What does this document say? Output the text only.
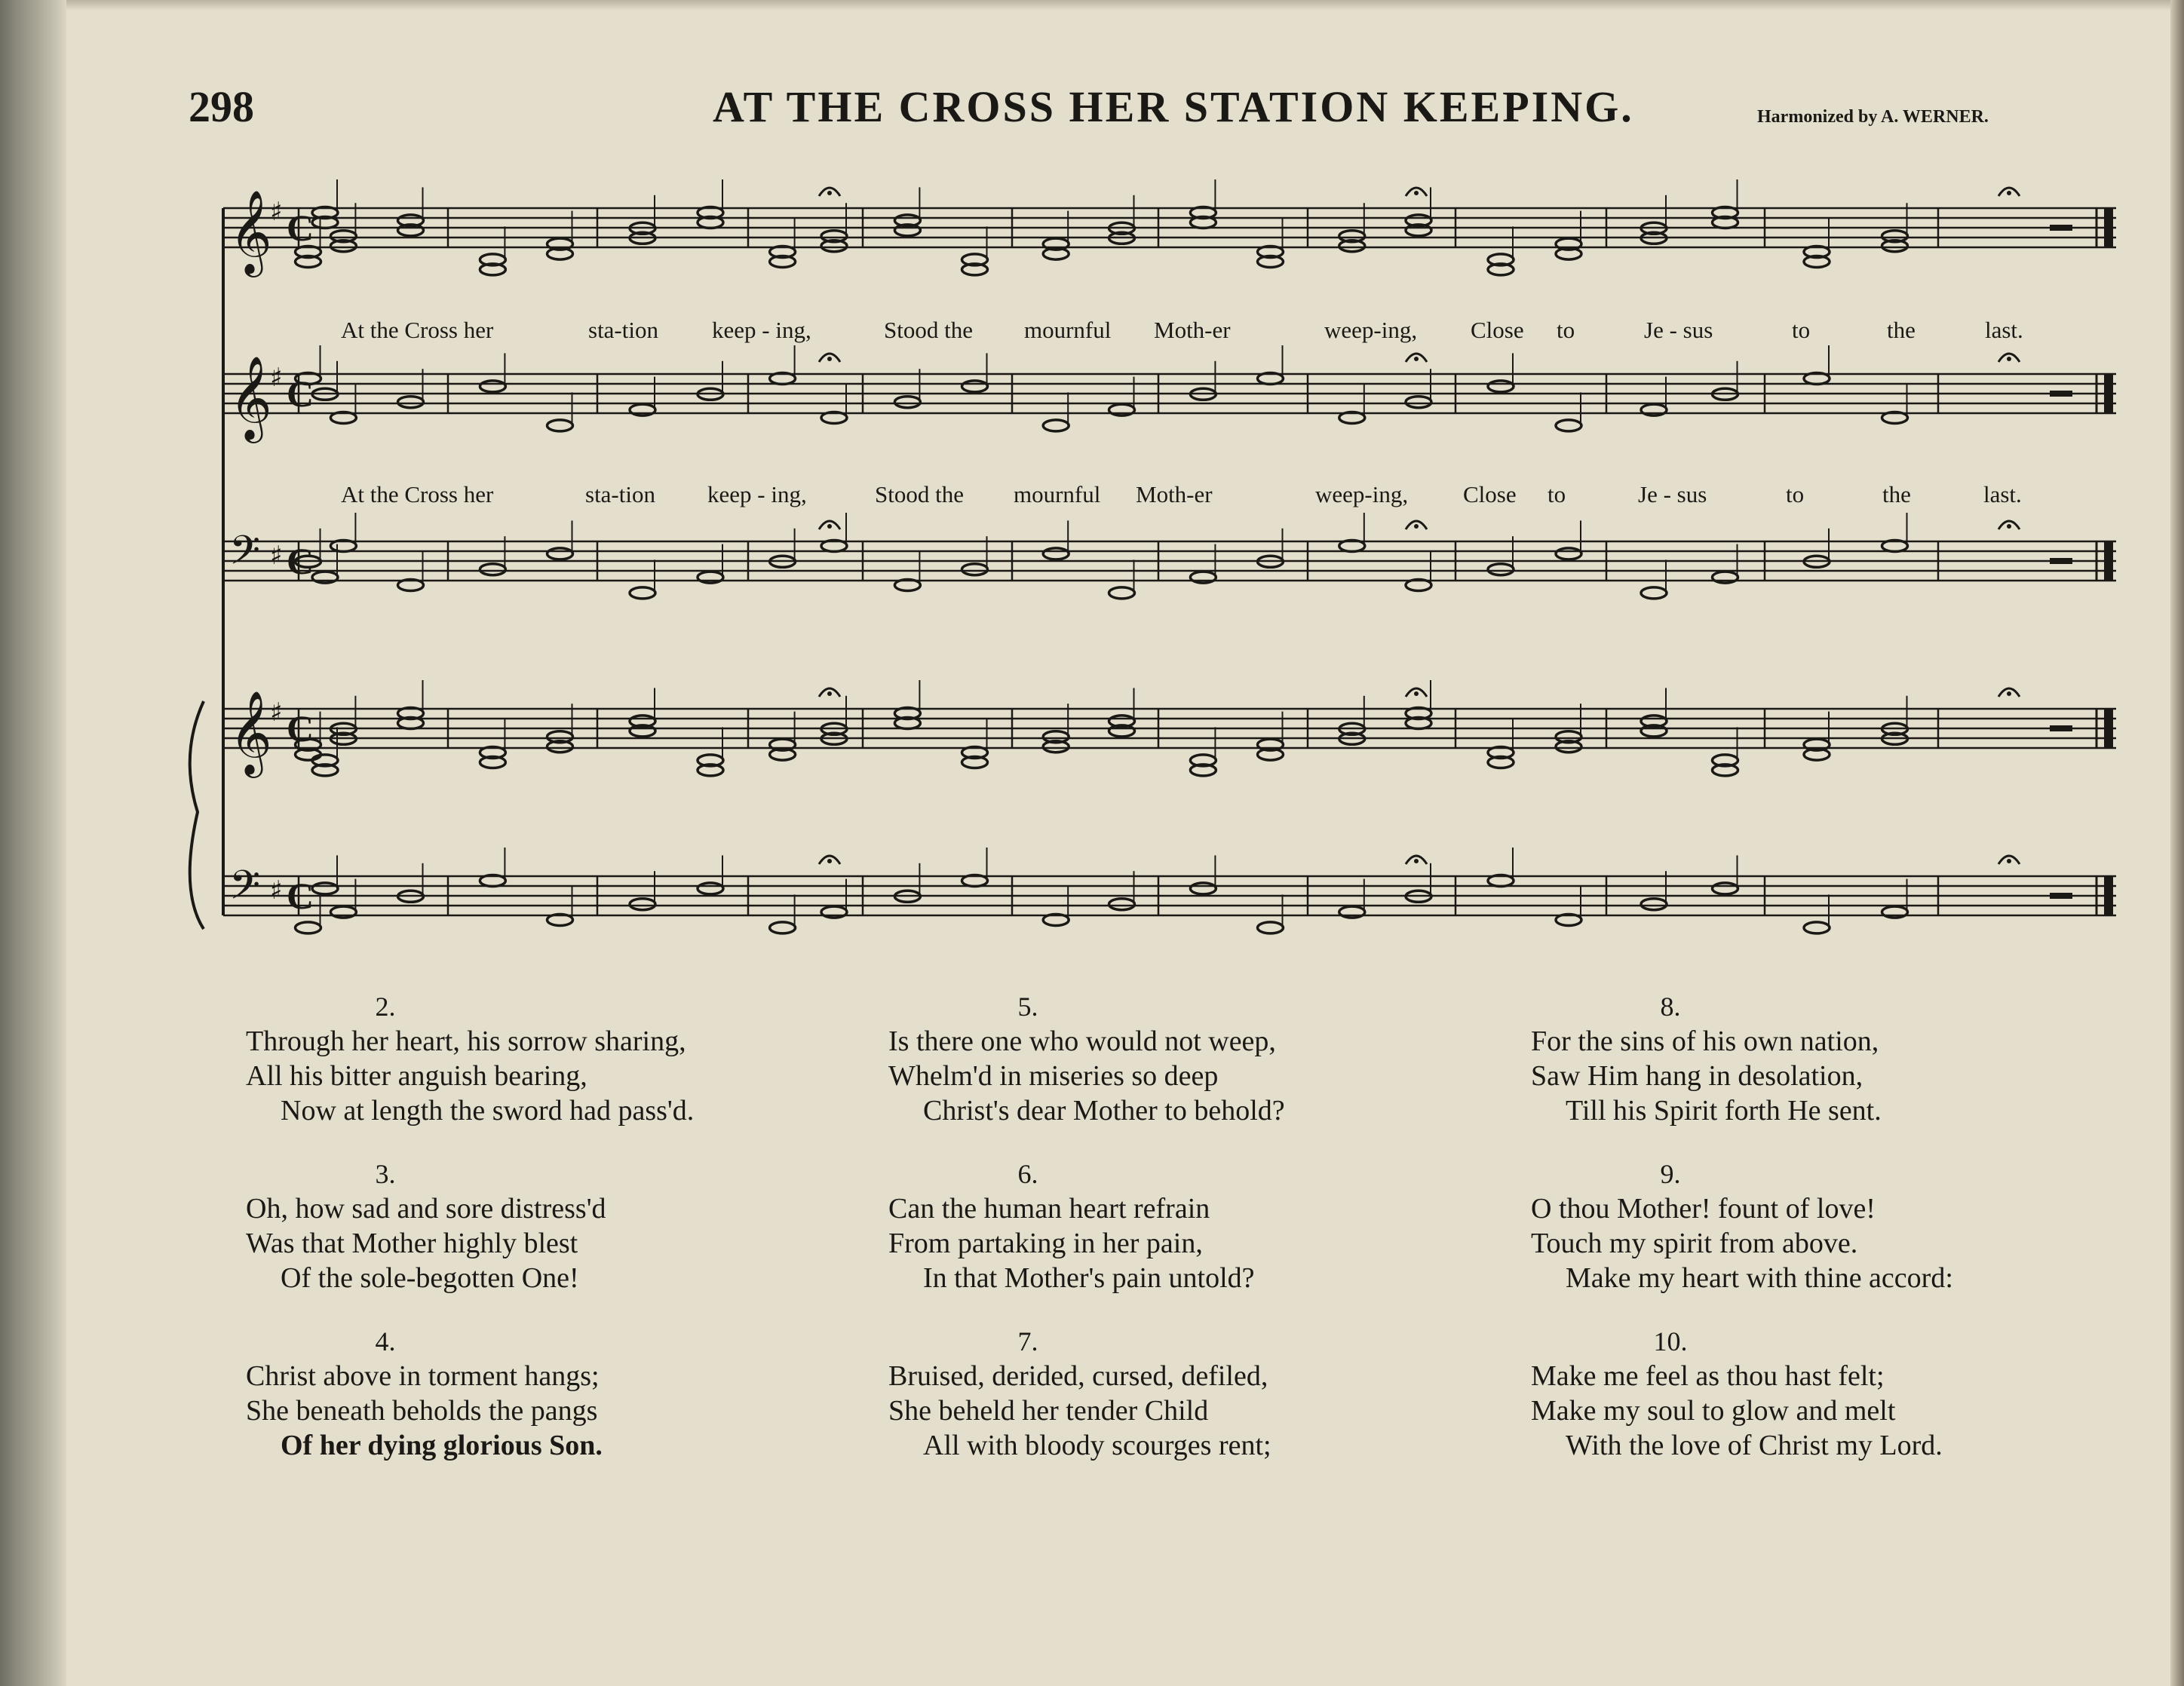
298	AT THE CROSS HER STATION KEEPING.	Harmonized by A. WERNER.
𝄞
♯ C
𝄞
♯ C
𝄢 ♯ C
𝄞
♯ C
𝄢 ♯ C
At the Cross her	sta-tion keep - ing,	Stood the mournful Moth-er	weep-ing, Close to	Je - sus	to	the	last.
At the Cross her	sta-tion keep - ing,	Stood the mournful Moth-er	weep-ing, Close to	Je - sus	to	the	last.
2.
Through her heart, his sorrow sharing,
All his bitter anguish bearing,
Now at length the sword had pass'd.
3.
Oh, how sad and sore distress'd
Was that Mother highly blest
Of the sole-begotten One!
4.
Christ above in torment hangs;
She beneath beholds the pangs
Of her dying glorious Son.
5.
Is there one who would not weep,
Whelm'd in miseries so deep
Christ's dear Mother to behold?
6.
Can the human heart refrain
From partaking in her pain,
In that Mother's pain untold?
7.
Bruised, derided, cursed, defiled,
She beheld her tender Child
All with bloody scourges rent;
8.
For the sins of his own nation,
Saw Him hang in desolation,
Till his Spirit forth He sent.
9.
O thou Mother! fount of love!
Touch my spirit from above.
Make my heart with thine accord:
10.
Make me feel as thou hast felt;
Make my soul to glow and melt
With the love of Christ my Lord.
